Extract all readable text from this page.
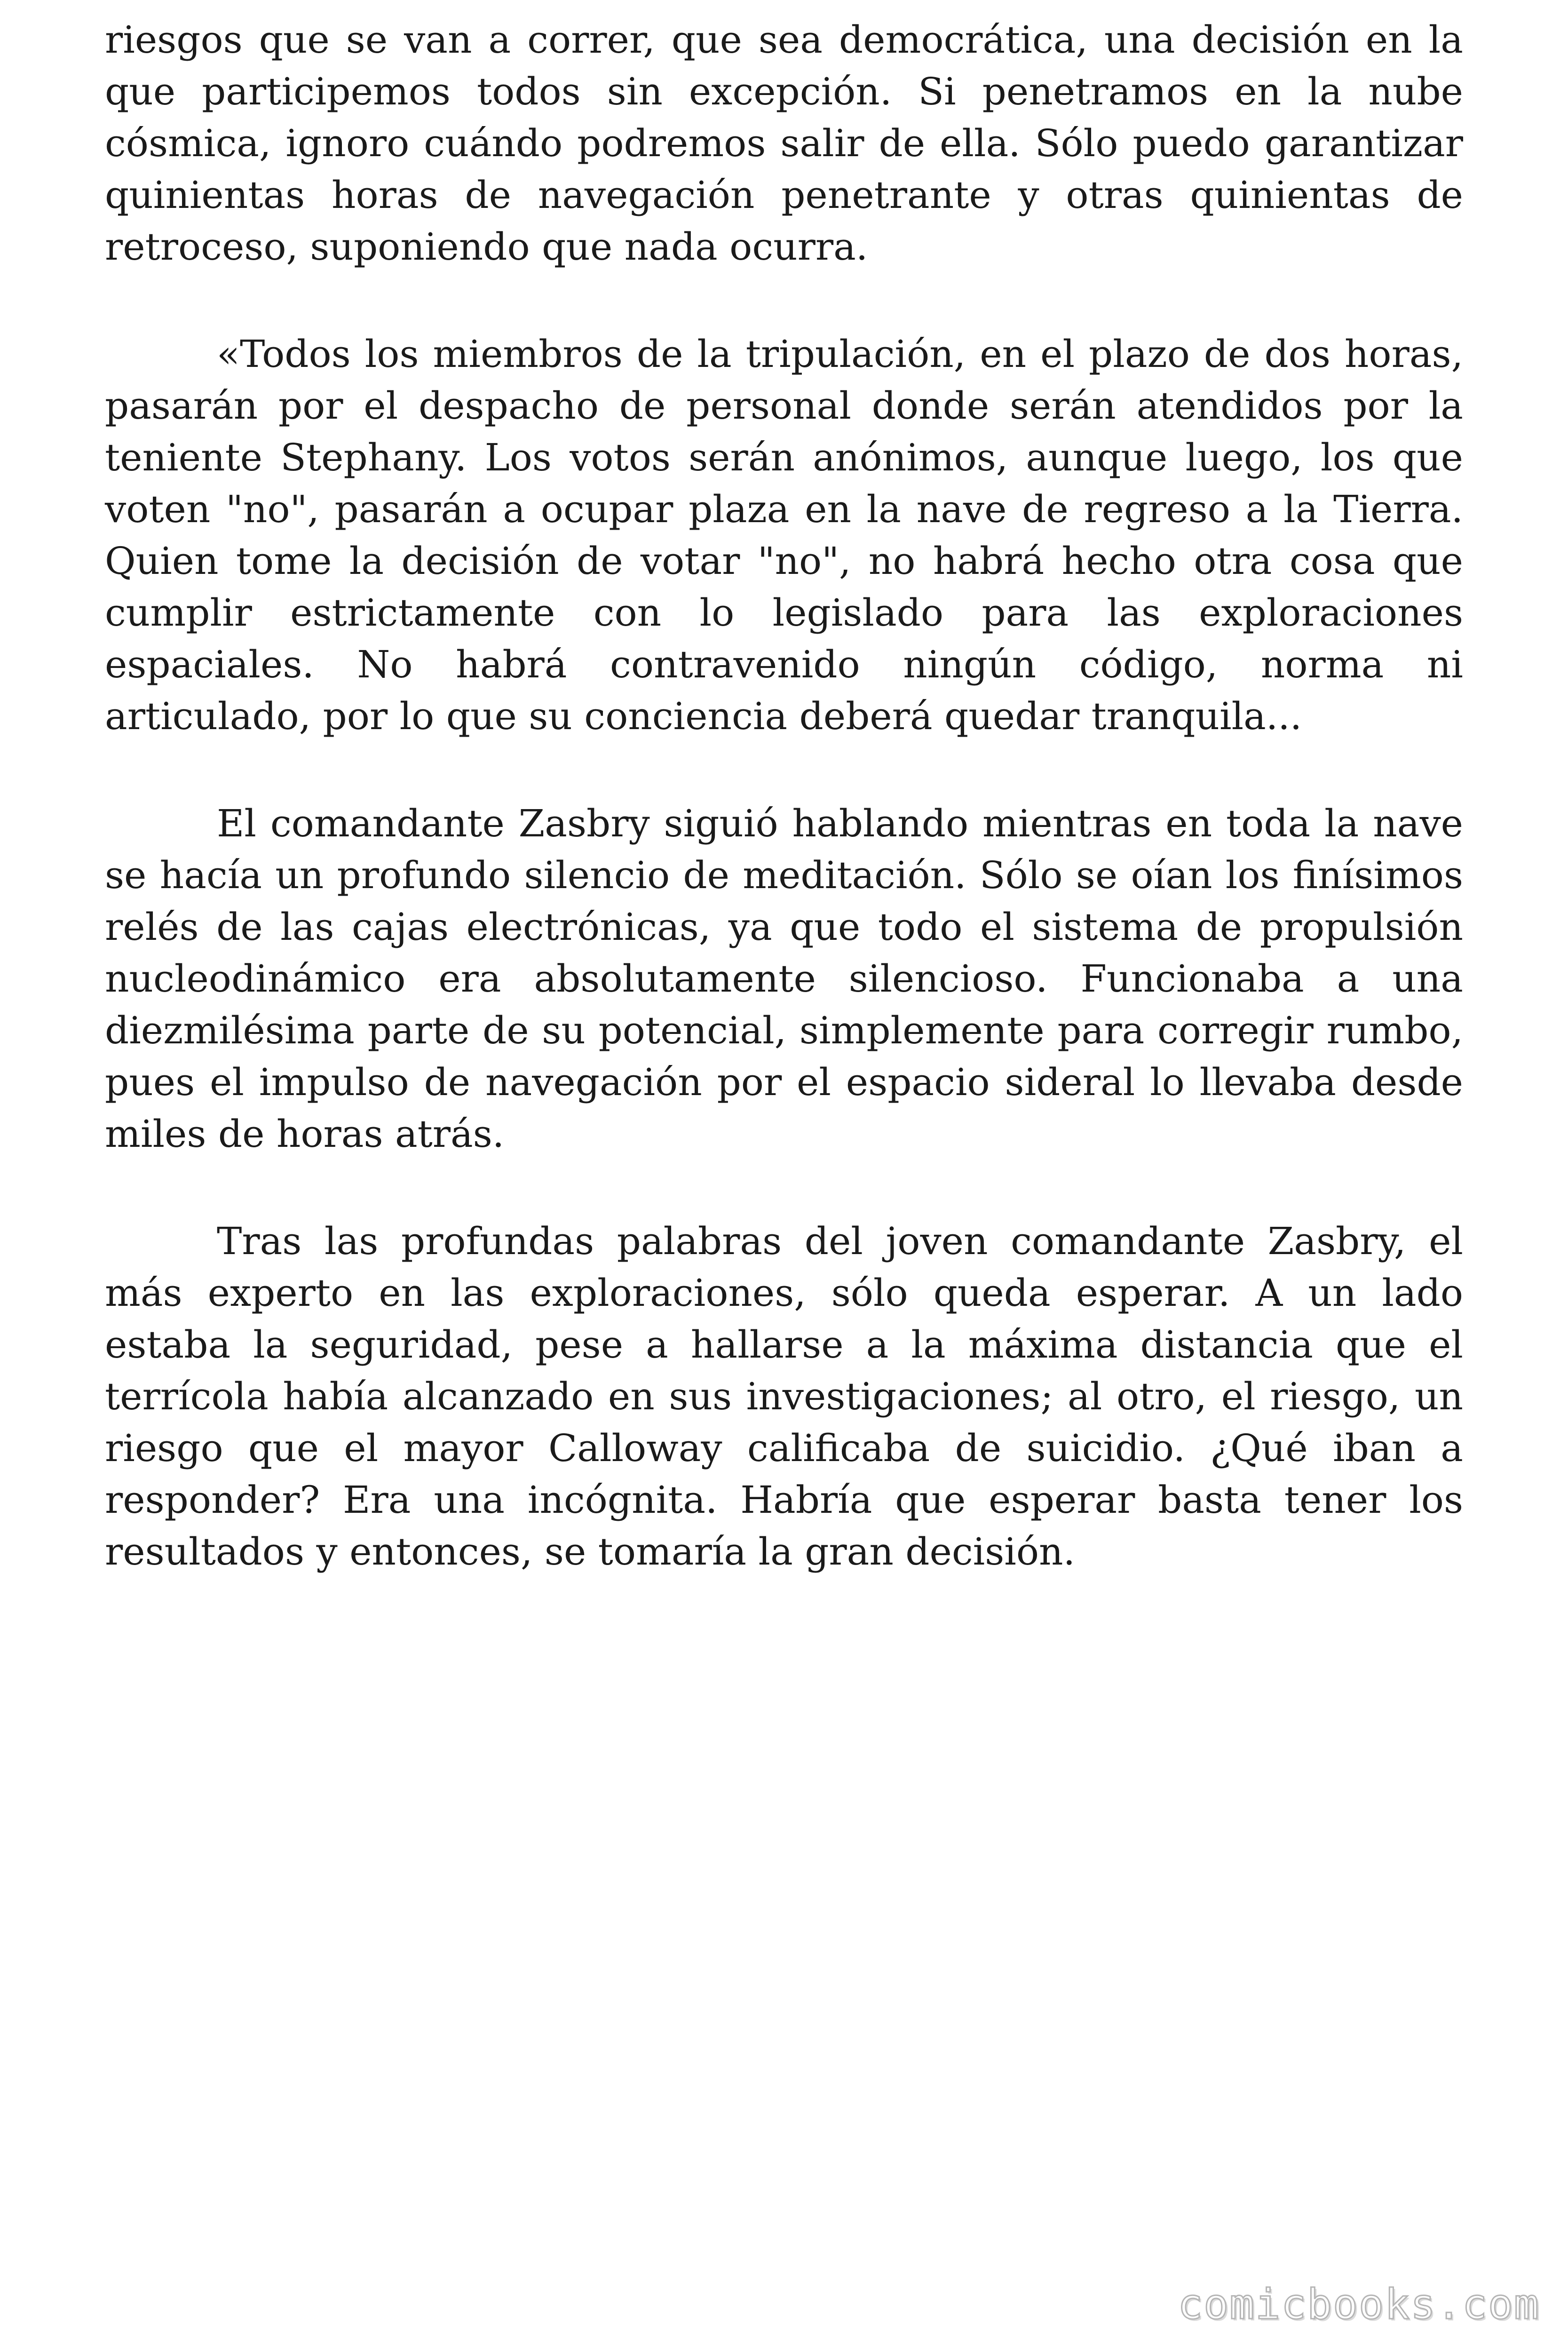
riesgos que se van a correr, que sea democrática, una decisión en la que participemos todos sin excepción. Si penetramos en la nube cósmica, ignoro cuándo podremos salir de ella. Sólo puedo garantizar quinientas horas de navegación penetrante y otras quinientas de retroceso, suponiendo que nada ocurra.

«Todos los miembros de la tripulación, en el plazo de dos horas, pasarán por el despacho de personal donde serán atendidos por la teniente Stephany. Los votos serán anónimos, aunque luego, los que voten "no", pasarán a ocupar plaza en la nave de regreso a la Tierra. Quien tome la decisión de votar "no", no habrá hecho otra cosa que cumplir estrictamente con lo legislado para las exploraciones espaciales. No habrá contravenido ningún código, norma ni articulado, por lo que su conciencia deberá quedar tranquila...

El comandante Zasbry siguió hablando mientras en toda la nave se hacía un profundo silencio de meditación. Sólo se oían los finísimos relés de las cajas electrónicas, ya que todo el sistema de propulsión nucleodinámico era absolutamente silencioso. Funcionaba a una diezmilésima parte de su potencial, simplemente para corregir rumbo, pues el impulso de navegación por el espacio sideral lo llevaba desde miles de horas atrás.

Tras las profundas palabras del joven comandante Zasbry, el más experto en las exploraciones, sólo queda esperar. A un lado estaba la seguridad, pese a hallarse a la máxima distancia que el terrícola había alcanzado en sus investigaciones; al otro, el riesgo, un riesgo que el mayor Calloway calificaba de suicidio. ¿Qué iban a responder? Era una incógnita. Habría que esperar basta tener los resultados y entonces, se tomaría la gran decisión.

comicbooks.com
